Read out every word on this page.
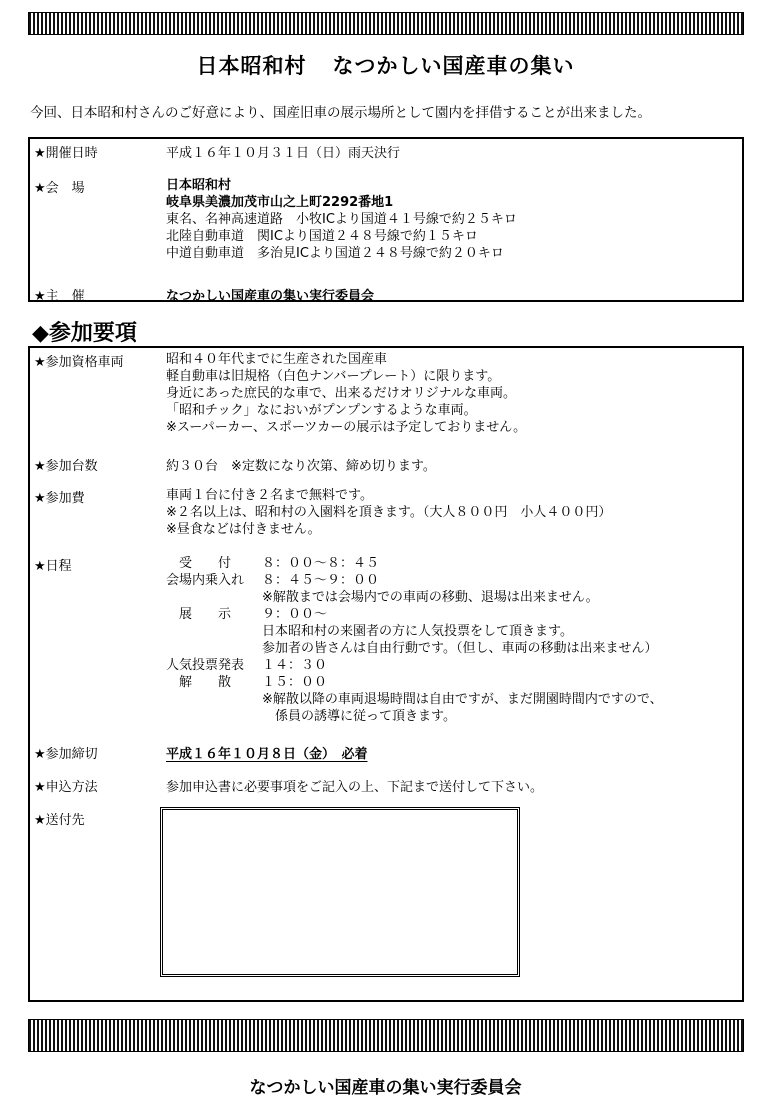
日本昭和村 なつかしい国産車の集い
今回、日本昭和村さんのご好意により、国産旧車の展示場所として園内を拝借することが出来ました。
★開催日時	平成１６年１０月３１日（日）雨天決行
★会　場	日本昭和村
岐阜県美濃加茂市山之上町2292番地1
東名、名神高速道路　小牧ICより国道４１号線で約２５キロ
北陸自動車道　関ICより国道２４８号線で約１５キロ
中道自動車道　多治見ICより国道２４８号線で約２０キロ
★主　催	なつかしい国産車の集い実行委員会
◆参加要項
★参加資格車両	昭和４０年代までに生産された国産車
軽自動車は旧規格（白色ナンバープレート）に限ります。
身近にあった庶民的な車で、出来るだけオリジナルな車両。
「昭和チック」なにおいがプンプンするような車両。
※スーパーカー、スポーツカーの展示は予定しておりません。
★参加台数	約３０台　※定数になり次第、締め切ります。
★参加費	車両１台に付き２名まで無料です。
※２名以上は、昭和村の入園料を頂きます。（大人８００円　小人４００円）
※昼食などは付きません。
★日程	　受　　付 ８：００～８：４５
会場内乗入れ ８：４５～９：００
※解散までは会場内での車両の移動、退場は出来ません。
　展　　示 ９：００～
日本昭和村の来園者の方に人気投票をして頂きます。
参加者の皆さんは自由行動です。（但し、車両の移動は出来ません）
人気投票発表 １４：３０
　解　　散 １５：００
※解散以降の車両退場時間は自由ですが、まだ開園時間内ですので、
　係員の誘導に従って頂きます。
★参加締切	平成１６年１０月８日（金）　必着
★申込方法	参加申込書に必要事項をご記入の上、下記まで送付して下さい。
★送付先
なつかしい国産車の集い実行委員会
